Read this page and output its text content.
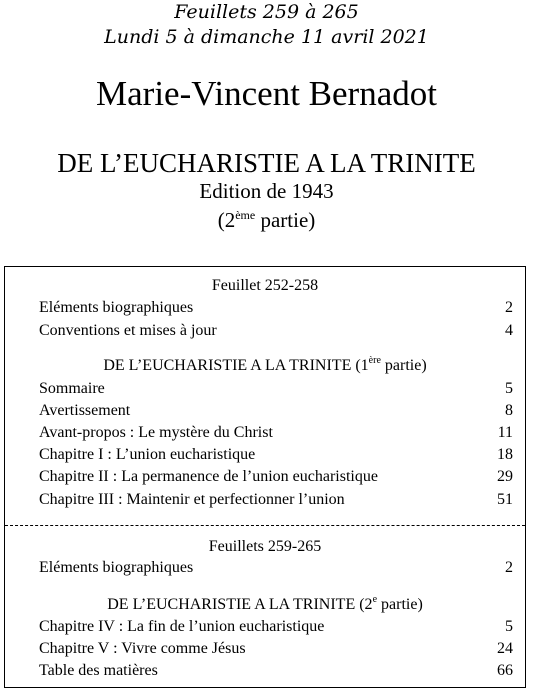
Feuillets 259 à 265
Lundi 5 à dimanche 11 avril 2021
Marie-Vincent Bernadot
DE L’EUCHARISTIE A LA TRINITE
Edition de 1943
(2ème partie)
Feuillet 252-258
Eléments biographiques	2
Conventions et mises à jour	4
DE L’EUCHARISTIE A LA TRINITE (1ère partie)
Sommaire	5
Avertissement	8
Avant-propos : Le mystère du Christ	11
Chapitre I : L’union eucharistique	18
Chapitre II : La permanence de l’union eucharistique	29
Chapitre III : Maintenir et perfectionner l’union	51
Feuillets 259-265
Eléments biographiques	2
DE L’EUCHARISTIE A LA TRINITE (2e partie)
Chapitre IV : La fin de l’union eucharistique	5
Chapitre V : Vivre comme Jésus	24
Table des matières	66
